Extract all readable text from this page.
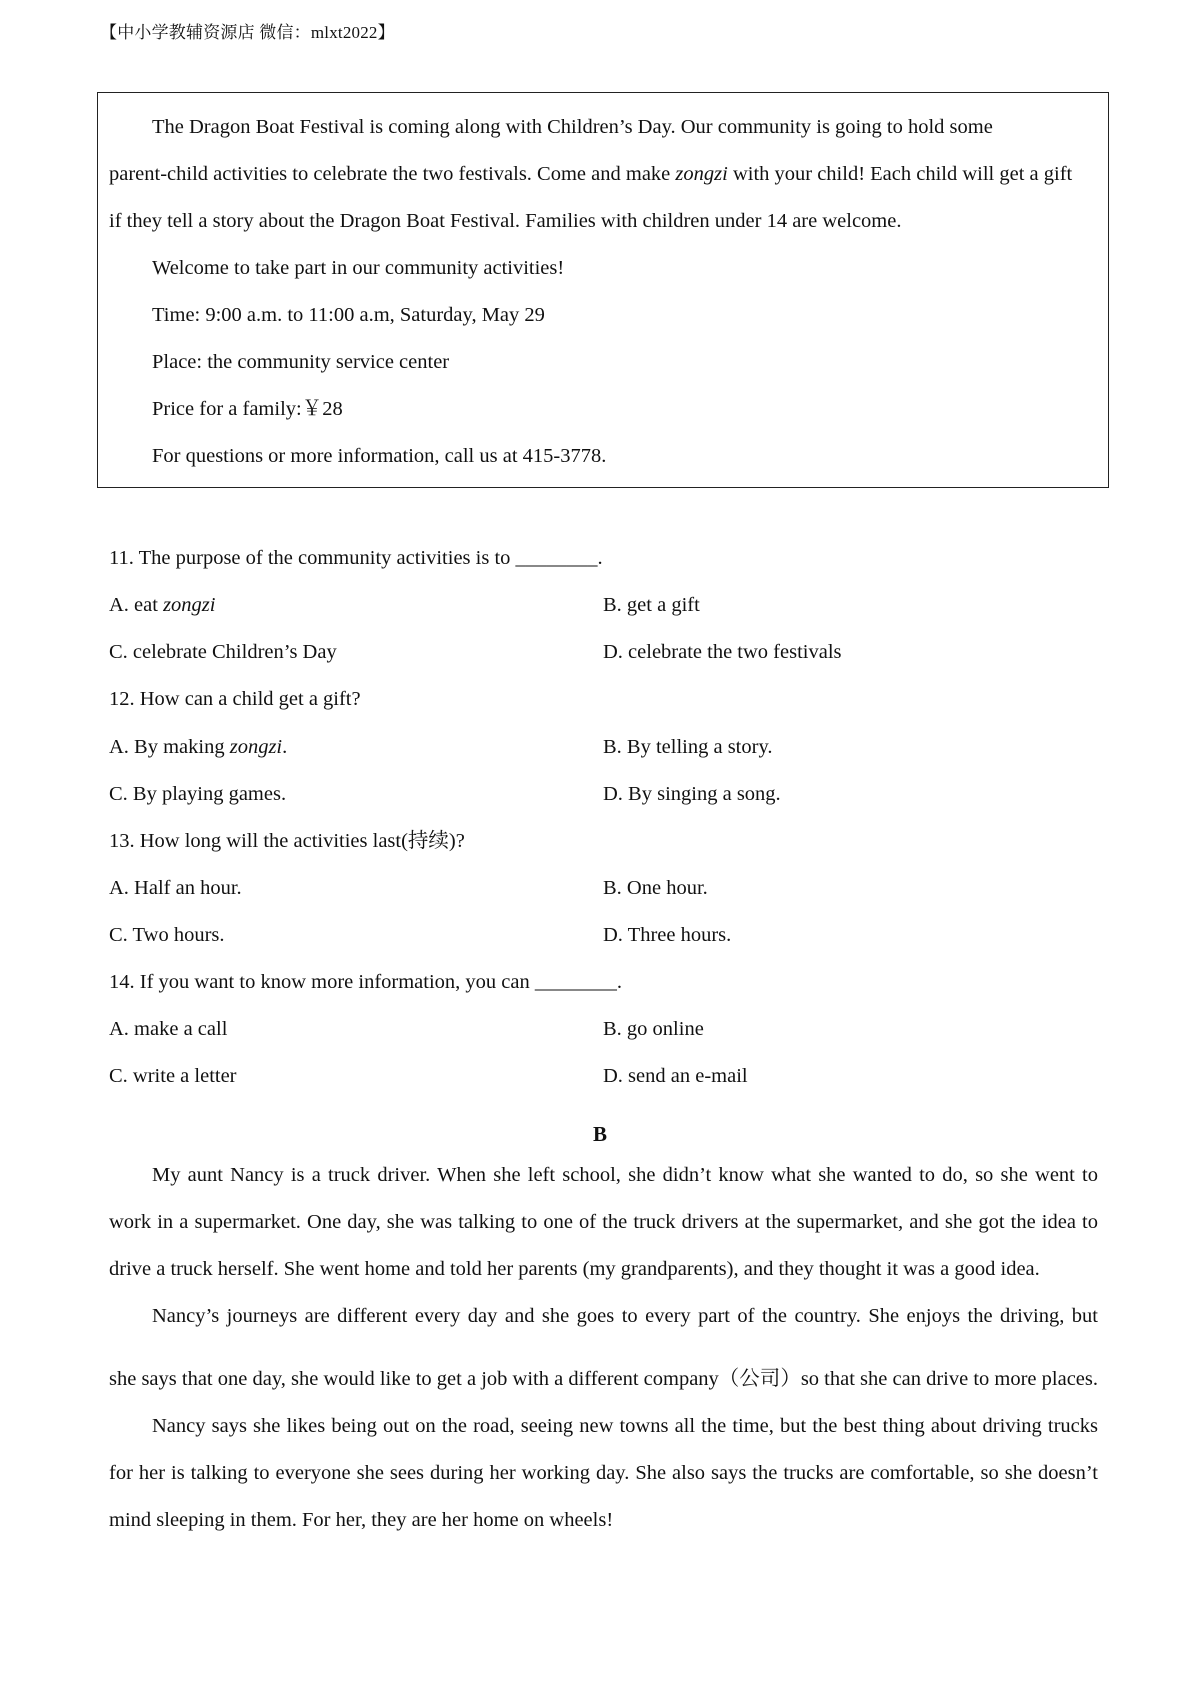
【中小学教辅资源店 微信：mlxt2022】
The Dragon Boat Festival is coming along with Children’s Day. Our community is going to hold some
parent-child activities to celebrate the two festivals. Come and make zongzi with your child! Each child will get a gift
if they tell a story about the Dragon Boat Festival. Families with children under 14 are welcome.
Welcome to take part in our community activities!
Time: 9:00 a.m. to 11:00 a.m, Saturday, May 29
Place: the community service center
Price for a family:￥28
For questions or more information, call us at 415-3778.
11. The purpose of the community activities is to ________.
A. eat zongzi	B. get a gift
C. celebrate Children’s Day	D. celebrate the two festivals
12. How can a child get a gift?
A. By making zongzi.	B. By telling a story.
C. By playing games.	D. By singing a song.
13. How long will the activities last(持续)?
A. Half an hour.	B. One hour.
C. Two hours.	D. Three hours.
14. If you want to know more information, you can ________.
A. make a call	B. go online
C. write a letter	D. send an e-mail
B
My aunt Nancy is a truck driver. When she left school, she didn’t know what she wanted to do, so she went to
work in a supermarket. One day, she was talking to one of the truck drivers at the supermarket, and she got the idea to
drive a truck herself. She went home and told her parents (my grandparents), and they thought it was a good idea.
Nancy’s journeys are different every day and she goes to every part of the country. She enjoys the driving, but
she says that one day, she would like to get a job with a different company（公司）so that she can drive to more places.
Nancy says she likes being out on the road, seeing new towns all the time, but the best thing about driving trucks
for her is talking to everyone she sees during her working day. She also says the trucks are comfortable, so she doesn’t
mind sleeping in them. For her, they are her home on wheels!
